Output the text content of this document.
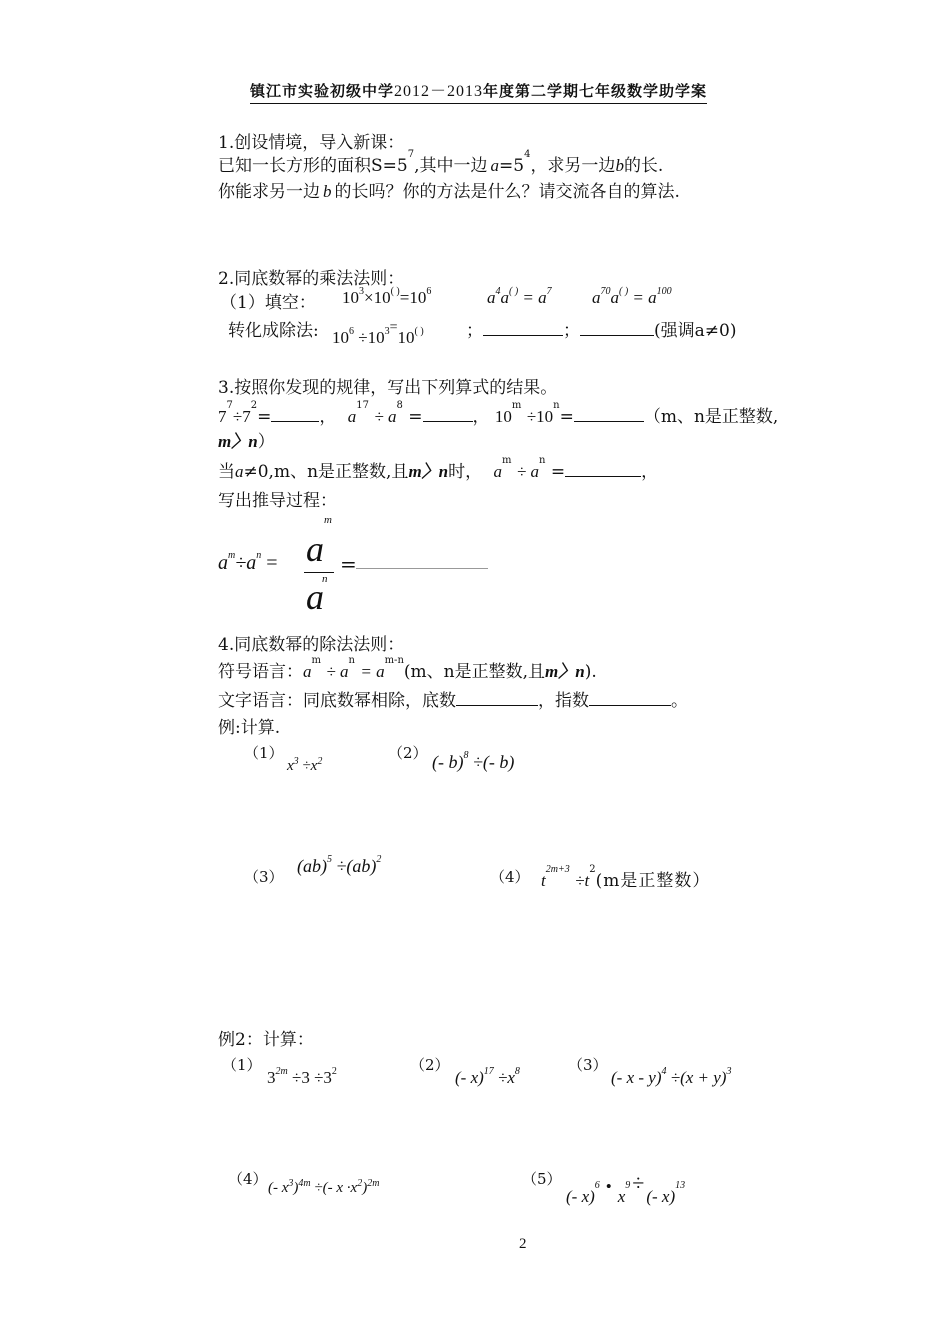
镇江市实验初级中学2012－2013年度第二学期七年级数学助学案
1.创设情境，导入新课：
已知一长方形的面积$S=5^7$,其中一边 $a=5^4$，求另一边b的长.
你能求另一边 b 的长吗？你的方法是什么？请交流各自的算法.
2.同底数幂的乘法法则：
（1）填空： $10^3\times 10^{( )}=10^6$	$a^4a^{( )} = a^7$ $a^{70}a^{( )} = a^{100}$
转化成除法: $10^6 \div 10^{3=}10^{( )}$ ；	；	(强调a≠0)
3.按照你发现的规律，写出下列算式的结果。
$7^7\div 7^2=$	， $a^{17} \div a^8$ =	， $10^m \div 10^n=$	（m、n是正整数,
m〉n）
当a≠0,m、n是正整数,且m〉n时， $a^m \div a^n$ =	，
写出推导过程：
$a^m\div a^n = a^m$
n
a
=
4.同底数幂的除法法则：
符号语言：$a^m \div a^n = a^{m-n}(m$、n是正整数,且m〉n).
文字语言：同底数幂相除，底数	，指数	。
例:计算.
（1）
$x^3 \div x^2$	（2） (- b)$^8$ ÷(- b)
（3）
(ab)$^5$ ÷(ab)$^2$
（4） $t^{2m+3} \div t^2(m$是正整数）
例2：计算：
（1）
$3^{2m} \div 3 \div 3^2$	（2）
(- $x)^{17} \div x^8$	（3）
(- $x - y)^4 \div(x + y)^3$
（4） (- $x^3)^{4m}$ ÷(- $x \cdot x^2)^{2m}$	（5）
(- x)$^6$ $•x^9\div(-$ x)$^{13}$
2
